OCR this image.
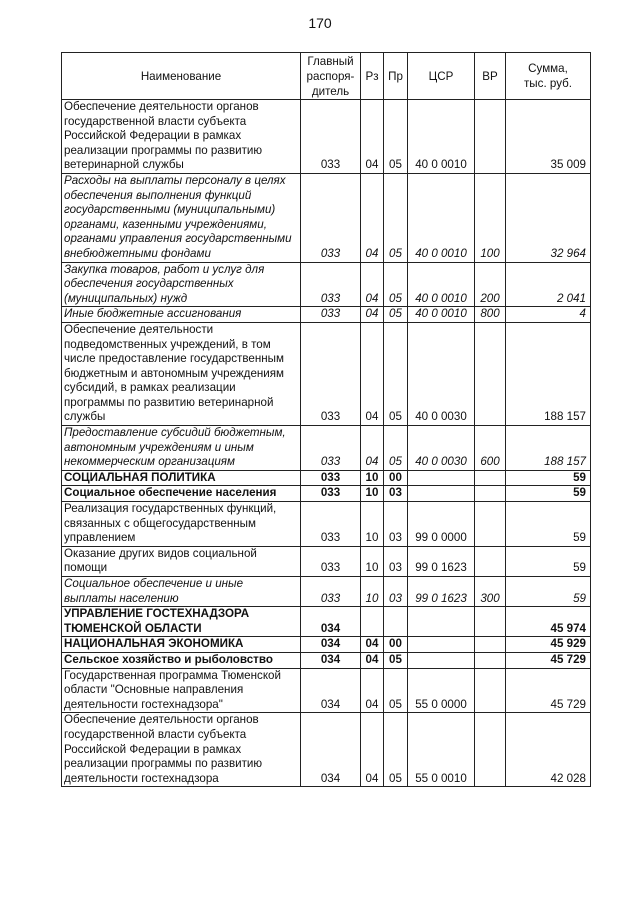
170
Наименование	Главный
распоря-
дитель	Рз	Пр	ЦСР	ВР	Сумма,
тыс. руб.
Обеспечение деятельности органов государственной власти субъекта Российской Федерации в рамках реализации программы по развитию ветеринарной службы	033	04	05	40 0 0010		35 009
Расходы на выплаты персоналу в целях обеспечения выполнения функций государственными (муниципальными) органами, казенными учреждениями, органами управления государственными внебюджетными фондами	033	04	05	40 0 0010	100	32 964
Закупка товаров, работ и услуг для обеспечения государственных (муниципальных) нужд	033	04	05	40 0 0010	200	2 041
Иные бюджетные ассигнования	033	04	05	40 0 0010	800	4
Обеспечение деятельности подведомственных учреждений, в том числе предоставление государственным бюджетным и автономным учреждениям субсидий, в рамках реализации программы по развитию ветеринарной службы	033	04	05	40 0 0030		188 157
Предоставление субсидий бюджетным, автономным учреждениям и иным некоммерческим организациям	033	04	05	40 0 0030	600	188 157
СОЦИАЛЬНАЯ ПОЛИТИКА	033	10	00			59
Социальное обеспечение населения	033	10	03			59
Реализация государственных функций, связанных с общегосударственным управлением	033	10	03	99 0 0000		59
Оказание других видов социальной помощи	033	10	03	99 0 1623		59
Социальное обеспечение и иные выплаты населению	033	10	03	99 0 1623	300	59
УПРАВЛЕНИЕ ГОСТЕХНАДЗОРА ТЮМЕНСКОЙ ОБЛАСТИ	034					45 974
НАЦИОНАЛЬНАЯ ЭКОНОМИКА	034	04	00			45 929
Сельское хозяйство и рыболовство	034	04	05			45 729
Государственная программа Тюменской области "Основные направления деятельности гостехнадзора"	034	04	05	55 0 0000		45 729
Обеспечение деятельности органов государственной власти субъекта Российской Федерации в рамках реализации программы по развитию деятельности гостехнадзора	034	04	05	55 0 0010		42 028
